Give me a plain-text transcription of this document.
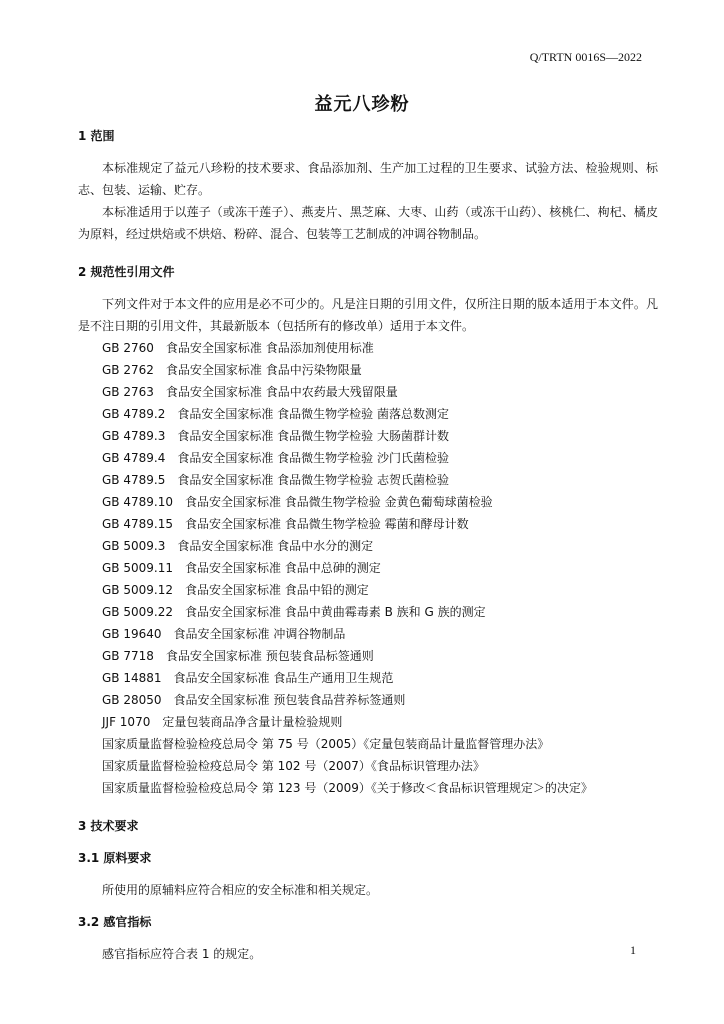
Q/TRTN 0016S—2022
益元八珍粉

1 范围

本标准规定了益元八珍粉的技术要求、食品添加剂、生产加工过程的卫生要求、试验方法、检验规则、标志、包装、运输、贮存。

本标准适用于以莲子（或冻干莲子）、燕麦片、黑芝麻、大枣、山药（或冻干山药）、核桃仁、枸杞、橘皮为原料，经过烘焙或不烘焙、粉碎、混合、包装等工艺制成的冲调谷物制品。

2 规范性引用文件

下列文件对于本文件的应用是必不可少的。凡是注日期的引用文件，仅所注日期的版本适用于本文件。凡是不注日期的引用文件，其最新版本（包括所有的修改单）适用于本文件。

GB 2760　食品安全国家标准 食品添加剂使用标准
GB 2762　食品安全国家标准 食品中污染物限量
GB 2763　食品安全国家标准 食品中农药最大残留限量
GB 4789.2　食品安全国家标准 食品微生物学检验 菌落总数测定
GB 4789.3　食品安全国家标准 食品微生物学检验 大肠菌群计数
GB 4789.4　食品安全国家标准 食品微生物学检验 沙门氏菌检验
GB 4789.5　食品安全国家标准 食品微生物学检验 志贺氏菌检验
GB 4789.10　食品安全国家标准 食品微生物学检验 金黄色葡萄球菌检验
GB 4789.15　食品安全国家标准 食品微生物学检验 霉菌和酵母计数
GB 5009.3　食品安全国家标准 食品中水分的测定
GB 5009.11　食品安全国家标准 食品中总砷的测定
GB 5009.12　食品安全国家标准 食品中铅的测定
GB 5009.22　食品安全国家标准 食品中黄曲霉毒素 B 族和 G 族的测定
GB 19640　食品安全国家标准 冲调谷物制品
GB 7718　食品安全国家标准 预包装食品标签通则
GB 14881　食品安全国家标准 食品生产通用卫生规范
GB 28050　食品安全国家标准 预包装食品营养标签通则
JJF 1070　定量包装商品净含量计量检验规则
国家质量监督检验检疫总局令 第 75 号（2005）《定量包装商品计量监督管理办法》
国家质量监督检验检疫总局令 第 102 号（2007）《食品标识管理办法》
国家质量监督检验检疫总局令 第 123 号（2009）《关于修改＜食品标识管理规定＞的决定》

3 技术要求

3.1 原料要求

所使用的原辅料应符合相应的安全标准和相关规定。

3.2 感官指标

感官指标应符合表 1 的规定。	1
